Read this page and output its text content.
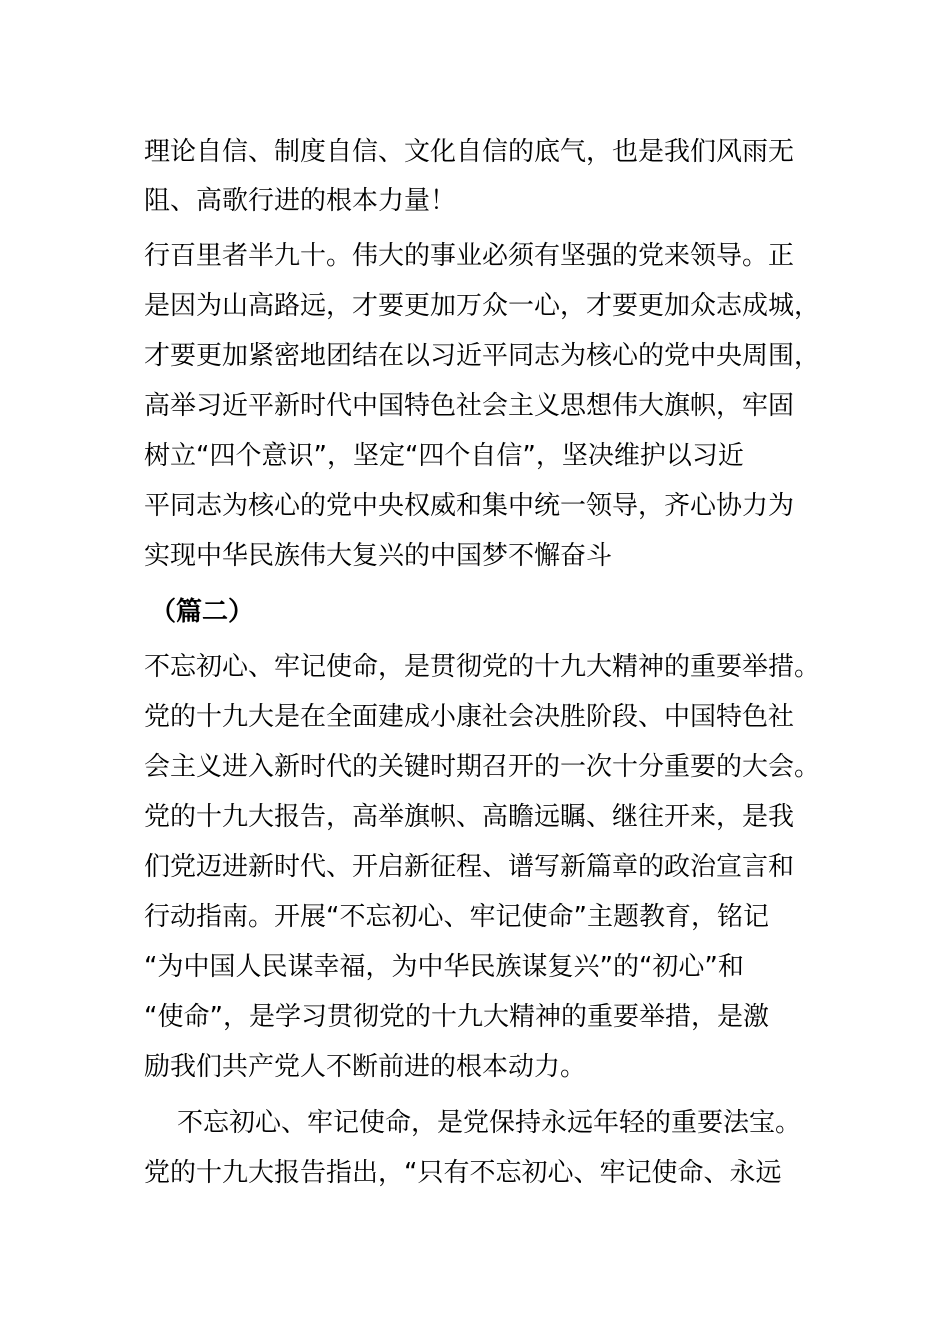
理论自信、制度自信、文化自信的底气，也是我们风雨无
阻、高歌行进的根本力量！
行百里者半九十。伟大的事业必须有坚强的党来领导。正
是因为山高路远，才要更加万众一心，才要更加众志成城，
才要更加紧密地团结在以习近平同志为核心的党中央周围，
高举习近平新时代中国特色社会主义思想伟大旗帜，牢固
树立“四个意识”，坚定“四个自信”，坚决维护以习近
平同志为核心的党中央权威和集中统一领导，齐心协力为
实现中华民族伟大复兴的中国梦不懈奋斗
（篇二）
不忘初心、牢记使命，是贯彻党的十九大精神的重要举措。
党的十九大是在全面建成小康社会决胜阶段、中国特色社
会主义进入新时代的关键时期召开的一次十分重要的大会。
党的十九大报告，高举旗帜、高瞻远瞩、继往开来，是我
们党迈进新时代、开启新征程、谱写新篇章的政治宣言和
行动指南。开展“不忘初心、牢记使命”主题教育，铭记
“为中国人民谋幸福，为中华民族谋复兴”的“初心”和
“使命”，是学习贯彻党的十九大精神的重要举措，是激
励我们共产党人不断前进的根本动力。
不忘初心、牢记使命，是党保持永远年轻的重要法宝。
党的十九大报告指出，“只有不忘初心、牢记使命、永远
